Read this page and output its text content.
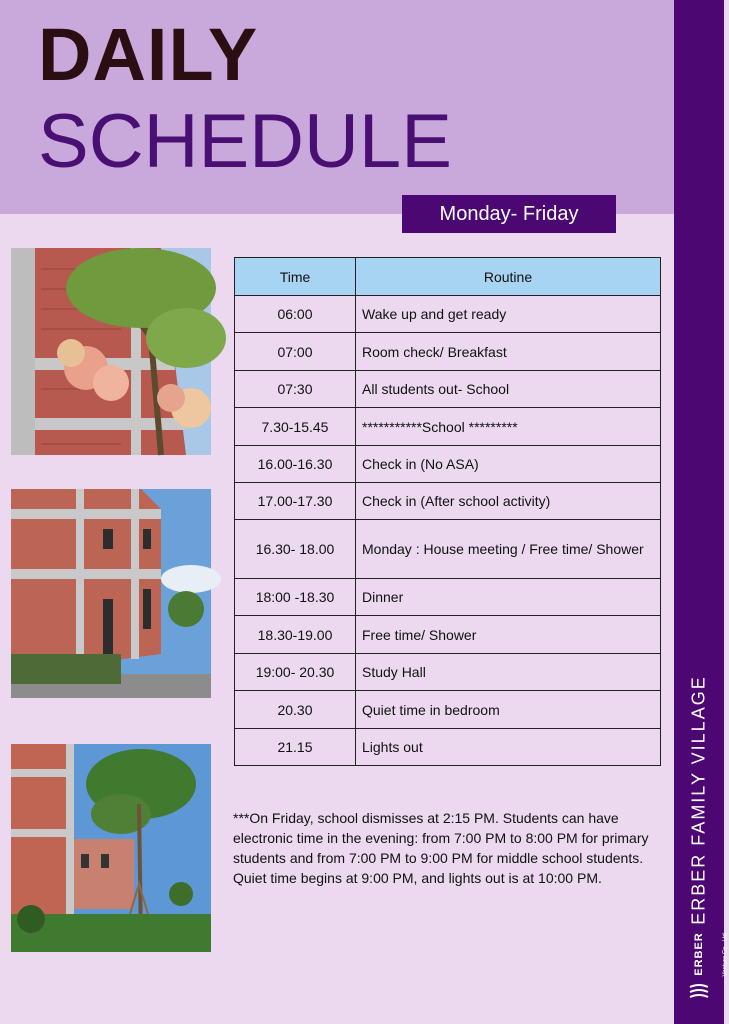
DAILY
SCHEDULE
Monday- Friday
ERBER FAMILY VILLAGE
ERBER	Venture Co., Ltd.
Time	Routine
06:00	Wake up and get ready
07:00	Room check/ Breakfast
07:30	All students out- School
7.30-15.45	***********School *********
16.00-16.30	Check in (No ASA)
17.00-17.30	Check in (After school activity)
16.30- 18.00	Monday : House meeting / Free time/ Shower
18:00 -18.30	Dinner
18.30-19.00	Free time/ Shower
19:00- 20.30	Study Hall
20.30	Quiet time in bedroom
21.15	Lights out
***On Friday, school dismisses at 2:15 PM. Students can have electronic time in the evening: from 7:00 PM to 8:00 PM for primary students and from 7:00 PM to 9:00 PM for middle school students. Quiet time begins at 9:00 PM, and lights out is at 10:00 PM.
